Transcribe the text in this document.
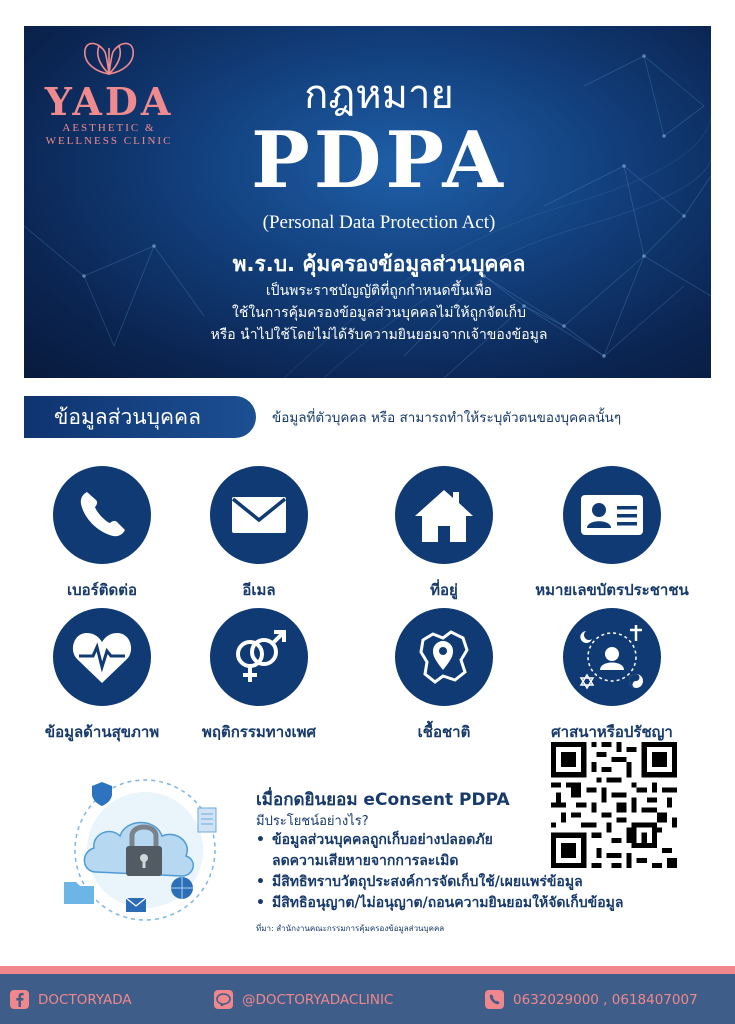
YADA
AESTHETIC &
WELLNESS CLINIC
กฎหมาย
PDPA
(Personal Data Protection Act)
พ.ร.บ. คุ้มครองข้อมูลส่วนบุคคล
เป็นพระราชบัญญัติที่ถูกกำหนดขึ้นเพื่อ
ใช้ในการคุ้มครองข้อมูลส่วนบุคคลไม่ให้ถูกจัดเก็บ
หรือ นำไปใช้โดยไม่ได้รับความยินยอมจากเจ้าของข้อมูล
ข้อมูลส่วนบุคคล	ข้อมูลที่ตัวบุคคล หรือ สามารถทำให้ระบุตัวตนของบุคคลนั้นๆ
เบอร์ติดต่อ	อีเมล	ที่อยู่	หมายเลขบัตรประชาชน
ข้อมูลด้านสุขภาพ	พฤติกรรมทางเพศ	เชื้อชาติ	ศาสนาหรือปรัชญา
เมื่อกดยินยอม eConsent PDPA
มีประโยชน์อย่างไร?
• ข้อมูลส่วนบุคคลถูกเก็บอย่างปลอดภัย
ลดความเสียหายจากการละเมิด
• มีสิทธิทราบวัตถุประสงค์การจัดเก็บใช้/เผยแพร่ข้อมูล
• มีสิทธิอนุญาต/ไม่อนุญาต/ถอนความยินยอมให้จัดเก็บข้อมูล
ที่มา: สำนักงานคณะกรรมการคุ้มครองข้อมูลส่วนบุคคล
DOCTORYADA	@DOCTORYADACLINIC	0632029000 , 0618407007
